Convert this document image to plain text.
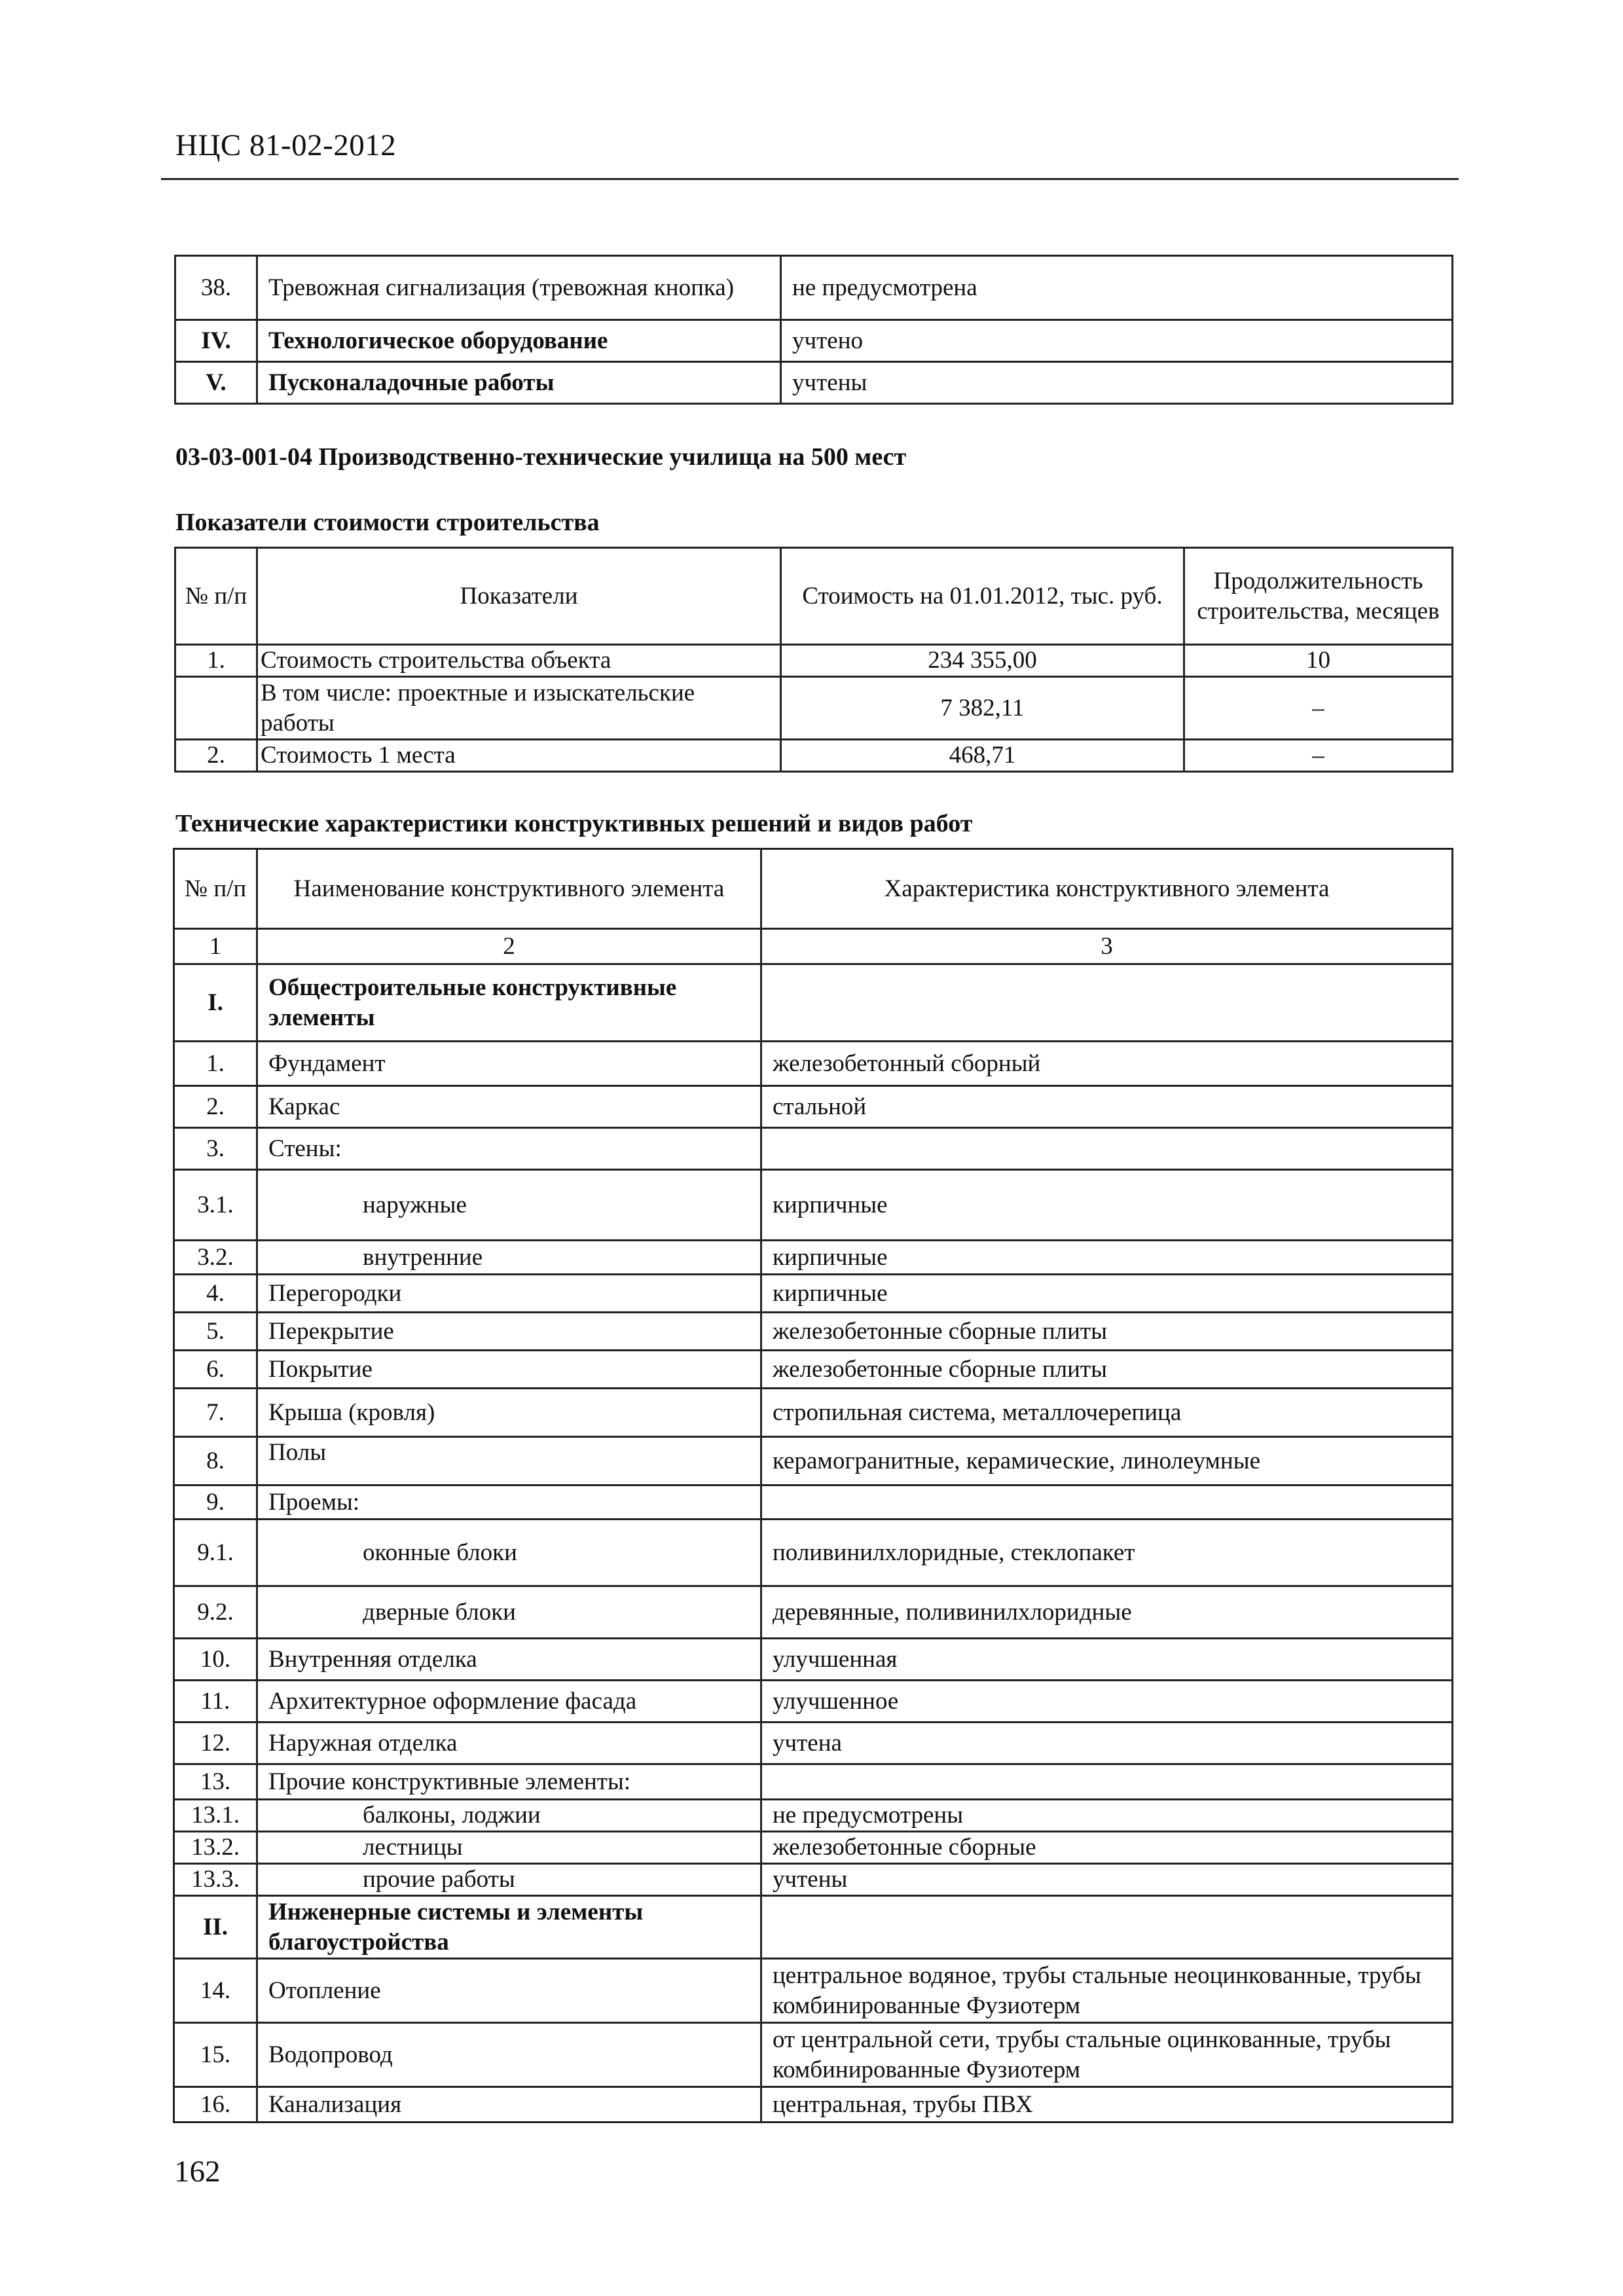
НЦС 81-02-2012
38.	Тревожная сигнализация (тревожная кнопка)	не предусмотрена
IV.	Технологическое оборудование	учтено
V.	Пусконаладочные работы	учтены
03-03-001-04 Производственно-технические училища на 500 мест
Показатели стоимости строительства
№ п/п	Показатели	Стоимость на 01.01.2012, тыс. руб.	Продолжительность строительства, месяцев
1.	Стоимость строительства объекта	234 355,00	10
	В том числе: проектные и изыскательские работы	7 382,11	–
2.	Стоимость 1 места	468,71	–
Технические характеристики конструктивных решений и видов работ
№ п/п	Наименование конструктивного элемента	Характеристика конструктивного элемента
1	2	3
I.	Общестроительные конструктивные элементы	
1.	Фундамент	железобетонный сборный
2.	Каркас	стальной
3.	Стены:	
3.1.	наружные	кирпичные
3.2.	внутренние	кирпичные
4.	Перегородки	кирпичные
5.	Перекрытие	железобетонные сборные плиты
6.	Покрытие	железобетонные сборные плиты
7.	Крыша (кровля)	стропильная система, металлочерепица
8.	Полы	керамогранитные, керамические, линолеумные
9.	Проемы:	
9.1.	оконные блоки	поливинилхлоридные, стеклопакет
9.2.	дверные блоки	деревянные, поливинилхлоридные
10.	Внутренняя отделка	улучшенная
11.	Архитектурное оформление фасада	улучшенное
12.	Наружная отделка	учтена
13.	Прочие конструктивные элементы:	
13.1.	балконы, лоджии	не предусмотрены
13.2.	лестницы	железобетонные сборные
13.3.	прочие работы	учтены
II.	Инженерные системы и элементы благоустройства	
14.	Отопление	центральное водяное, трубы стальные неоцинкованные, трубы комбинированные Фузиотерм
15.	Водопровод	от центральной сети, трубы стальные оцинкованные, трубы комбинированные Фузиотерм
16.	Канализация	центральная, трубы ПВХ
162
